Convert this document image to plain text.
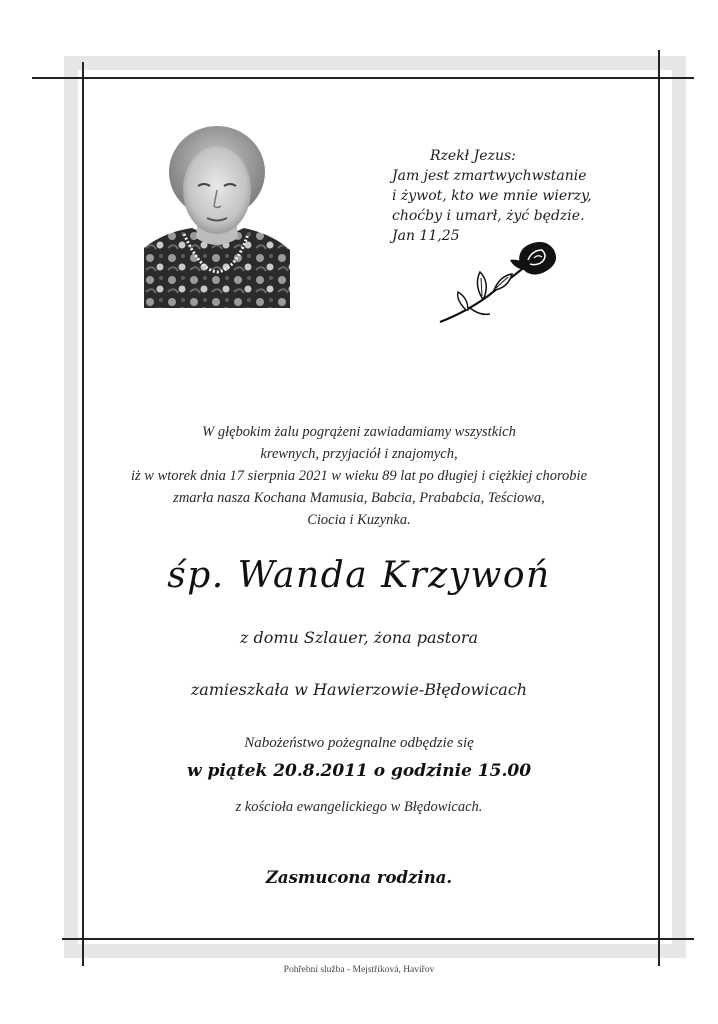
Rzekł Jezus:
Jam jest zmartwychwstanie
i żywot, kto we mnie wierzy,
choćby i umarł, żyć będzie.
Jan 11,25
W głębokim żalu pogrążeni zawiadamiamy wszystkich
krewnych, przyjaciół i znajomych,
iż w wtorek dnia 17 sierpnia 2021 w wieku 89 lat po długiej i ciężkiej chorobie
zmarła nasza Kochana Mamusia, Babcia, Prababcia, Teściowa,
Ciocia i Kuzynka.
śp. Wanda Krzywoń
z domu Szlauer, żona pastora
zamieszkała w Hawierzowie-Błędowicach
Nabożeństwo pożegnalne odbędzie się
w piątek 20.8.2011 o godzinie 15.00
z kościoła ewangelickiego w Błędowicach.
Zasmucona rodzina.
Pohřební služba - Mejstříková, Havířov
